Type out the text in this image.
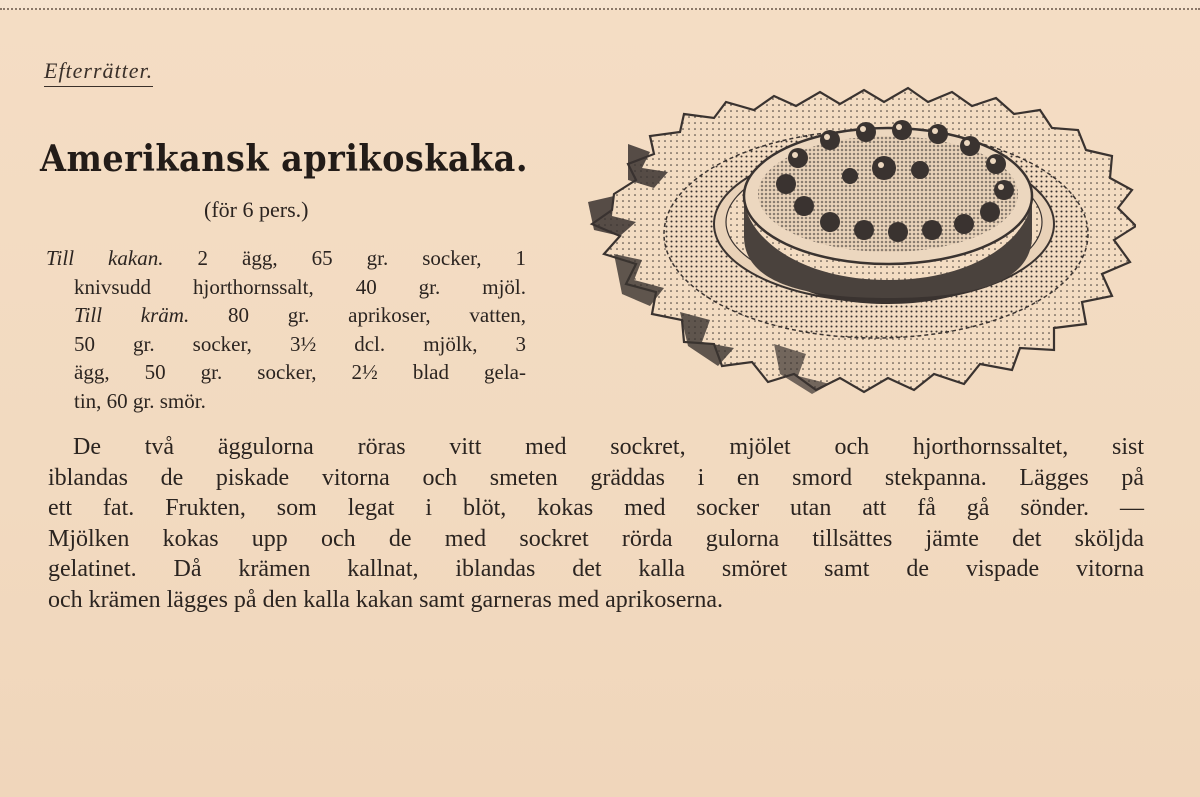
Efterrätter.
Amerikansk aprikoskaka.
(för 6 pers.)
Till kakan. 2 ägg, 65 gr. socker, 1
knivsudd hjorthornssalt, 40 gr. mjöl.
Till kräm. 80 gr. aprikoser, vatten,
50 gr. socker, 3½ dcl. mjölk, 3
ägg, 50 gr. socker, 2½ blad gela-
tin, 60 gr. smör.
De två äggulorna röras vitt med sockret, mjölet och hjorthornssaltet, sist
iblandas de piskade vitorna och smeten gräddas i en smord stekpanna. Lägges på
ett fat. Frukten, som legat i blöt, kokas med socker utan att få gå sönder. —
Mjölken kokas upp och de med sockret rörda gulorna tillsättes jämte det sköljda
gelatinet. Då krämen kallnat, iblandas det kalla smöret samt de vispade vitorna
och krämen lägges på den kalla kakan samt garneras med aprikoserna.
